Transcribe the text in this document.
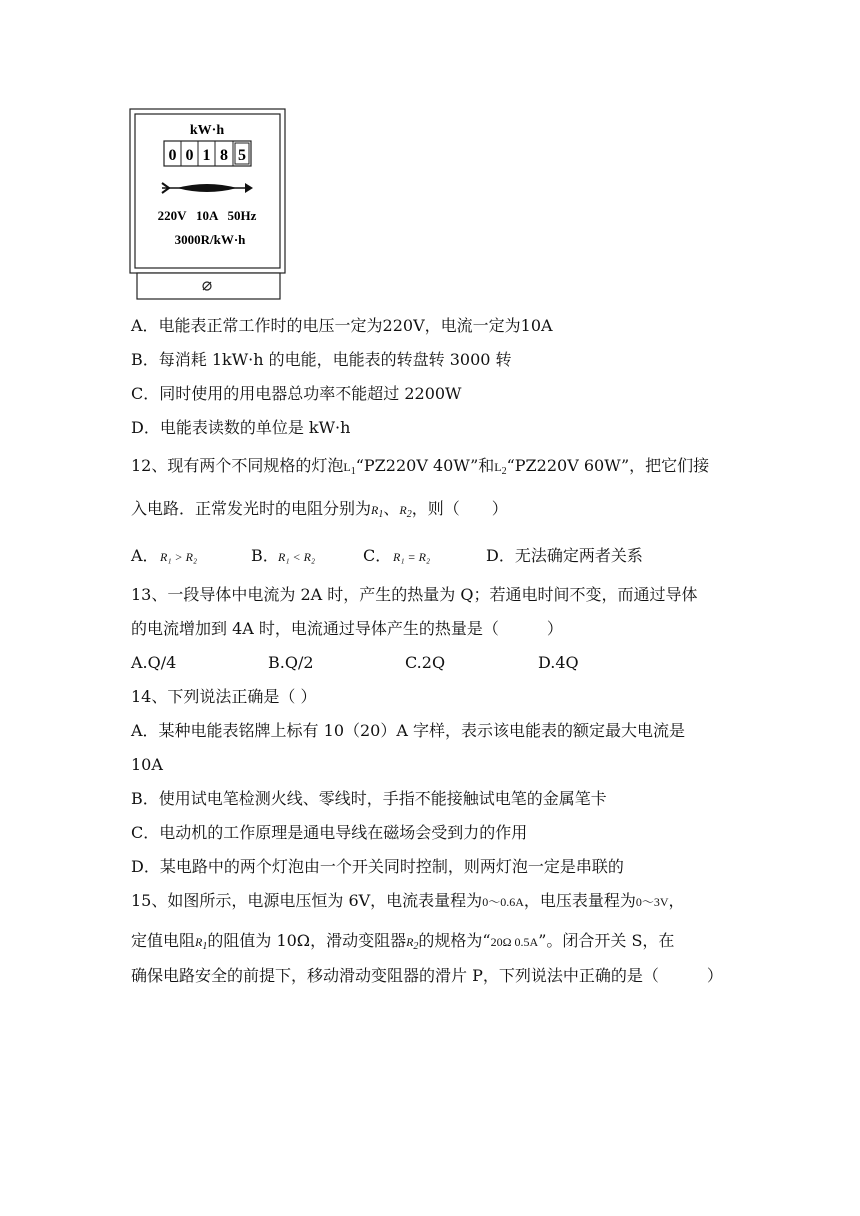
kW·h
0 0 1 8 5
220V   10A   50Hz
3000R/kW·h
A．电能表正常工作时的电压一定为220V，电流一定为10A
B．每消耗 1kW·h 的电能，电能表的转盘转 3000 转
C．同时使用的用电器总功率不能超过 2200W
D．电能表读数的单位是 kW·h
12、现有两个不同规格的灯泡$L_1“PZ220V$ 40W”和$L_2“PZ220V$ 60W”，把它们接
入电路．正常发光时的电阻分别为$R_1$、$R_2$，则（　　）
A．R₁ > R₂	B．R₁ < R₂	C． R₁ = R₂	D．无法确定两者关系
13、一段导体中电流为 2A 时，产生的热量为 Q；若通电时间不变，而通过导体
的电流增加到 4A 时，电流通过导体产生的热量是（　　　）
A.Q/4	B.Q/2	C.2Q	D.4Q
14、下列说法正确是（ ）
A．某种电能表铭牌上标有 10（20）A 字样，表示该电能表的额定最大电流是
10A
B．使用试电笔检测火线、零线时，手指不能接触试电笔的金属笔卡
C．电动机的工作原理是通电导线在磁场会受到力的作用
D．某电路中的两个灯泡由一个开关同时控制，则两灯泡一定是串联的
15、如图所示，电源电压恒为 6V，电流表量程为0～0.6A，电压表量程为0～3V，
定值电阻$R_1$的阻值为 10Ω，滑动变阻器$R_2$的规格为“20Ω 0.5A”。闭合开关 S，在
确保电路安全的前提下，移动滑动变阻器的滑片 P，下列说法中正确的是（　　　）
